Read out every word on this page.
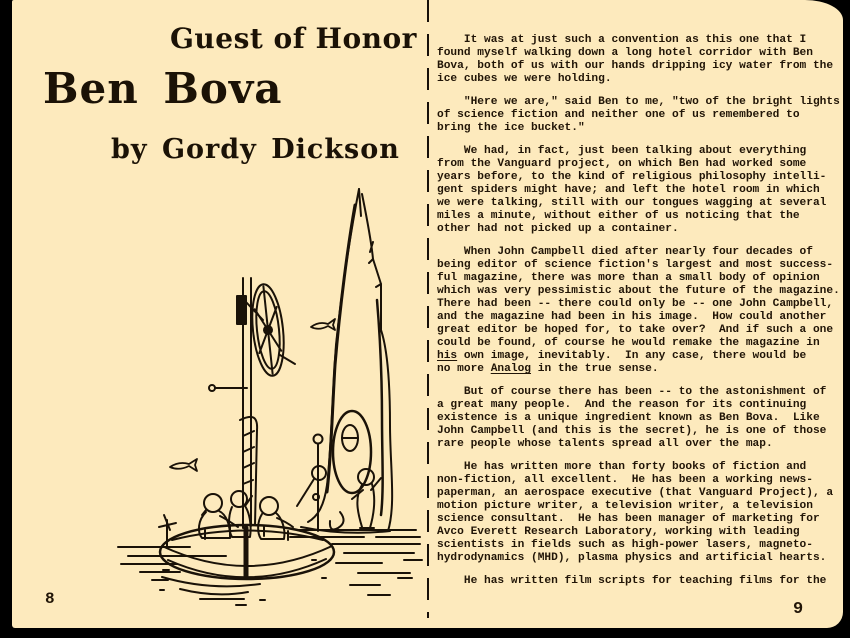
Guest of Honor
Ben Bova
by Gordy Dickson
8
It was at just such a convention as this one that I
found myself walking down a long hotel corridor with Ben
Bova, both of us with our hands dripping icy water from the
ice cubes we were holding.
"Here we are," said Ben to me, "two of the bright lights
of science fiction and neither one of us remembered to
bring the ice bucket."
We had, in fact, just been talking about everything
from the Vanguard project, on which Ben had worked some
years before, to the kind of religious philosophy intelli-
gent spiders might have; and left the hotel room in which
we were talking, still with our tongues wagging at several
miles a minute, without either of us noticing that the
other had not picked up a container.
When John Campbell died after nearly four decades of
being editor of science fiction's largest and most success-
ful magazine, there was more than a small body of opinion
which was very pessimistic about the future of the magazine.
There had been -- there could only be -- one John Campbell,
and the magazine had been in his image.  How could another
great editor be hoped for, to take over?  And if such a one
could be found, of course he would remake the magazine in
his own image, inevitably.  In any case, there would be
no more Analog in the true sense.
But of course there has been -- to the astonishment of
a great many people.  And the reason for its continuing
existence is a unique ingredient known as Ben Bova.  Like
John Campbell (and this is the secret), he is one of those
rare people whose talents spread all over the map.
He has written more than forty books of fiction and
non-fiction, all excellent.  He has been a working news-
paperman, an aerospace executive (that Vanguard Project), a
motion picture writer, a television writer, a television
science consultant.  He has been manager of marketing for
Avco Everett Research Laboratory, working with leading
scientists in fields such as high-power lasers, magneto-
hydrodynamics (MHD), plasma physics and artificial hearts.
He has written film scripts for teaching films for the
9
